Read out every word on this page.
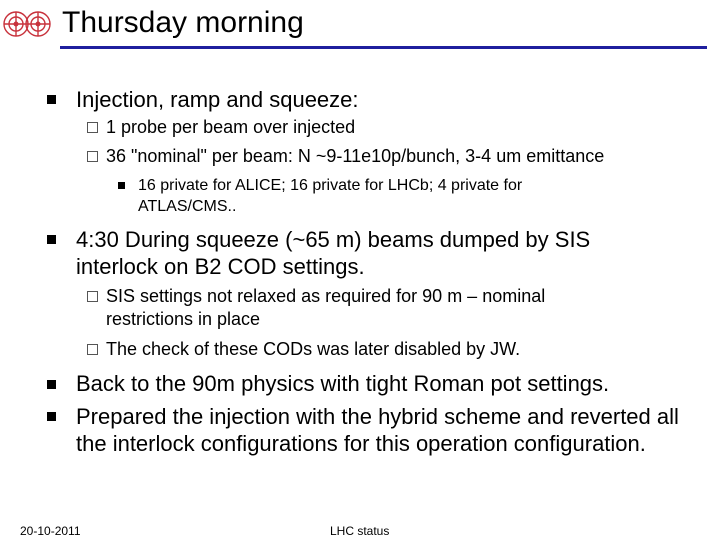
Thursday morning
Injection, ramp and squeeze:
1 probe per beam over injected
36 "nominal" per beam: N ~9-11e10p/bunch, 3-4 um emittance
16 private for ALICE; 16 private for LHCb; 4 private for ATLAS/CMS..
4:30 During squeeze (~65 m) beams dumped by SIS interlock on B2 COD settings.
SIS settings not relaxed as required for 90 m – nominal restrictions in place
The check of these CODs was later disabled by JW.
Back to the 90m physics with tight Roman pot settings.
Prepared the injection with the hybrid scheme and reverted all the interlock configurations for this operation configuration.
20-10-2011	LHC status
